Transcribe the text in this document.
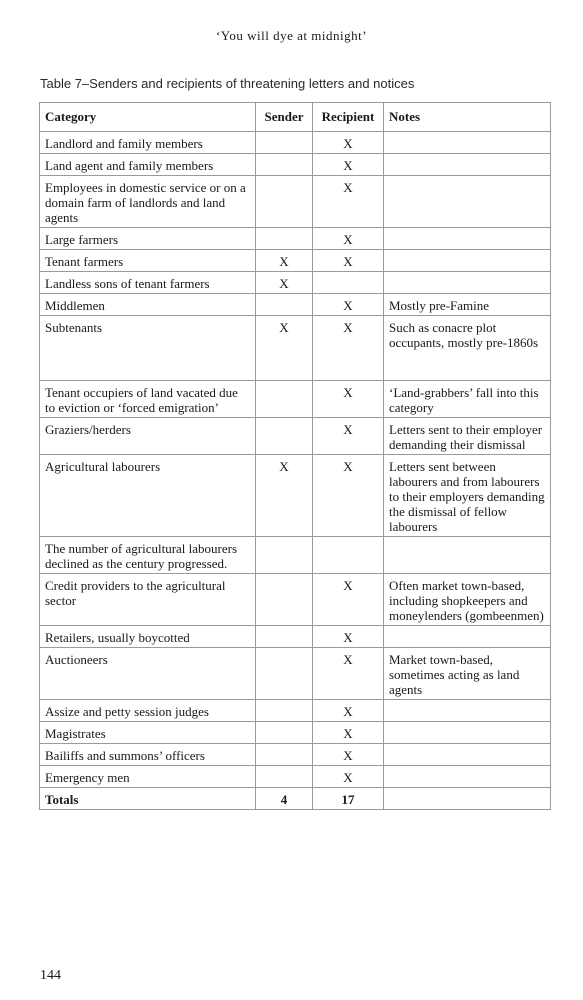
‘You will dye at midnight’
Table 7–Senders and recipients of threatening letters and notices
Category	Sender	Recipient	Notes
Landlord and family members		X	
Land agent and family members		X	
Employees in domestic service or on a domain farm of landlords and land agents		X	
Large farmers		X	
Tenant farmers	X	X	
Landless sons of tenant farmers	X		
Middlemen		X	Mostly pre-Famine
Subtenants	X	X	Such as conacre plot occupants, mostly pre-1860s
Tenant occupiers of land vacated due to eviction or ‘forced emigration’		X	‘Land-grabbers’ fall into this category
Graziers/herders		X	Letters sent to their employer demanding their dismissal
Agricultural labourers	X	X	Letters sent between labourers and from labourers to their employers demanding the dismissal of fellow labourers
The number of agricultural labourers declined as the century progressed.			
Credit providers to the agricultural sector		X	Often market town-based, including shopkeepers and moneylenders (gombeenmen)
Retailers, usually boycotted		X	
Auctioneers		X	Market town-based, sometimes acting as land agents
Assize and petty session judges		X	
Magistrates		X	
Bailiffs and summons’ officers		X	
Emergency men		X	
Totals	4	17	
144
